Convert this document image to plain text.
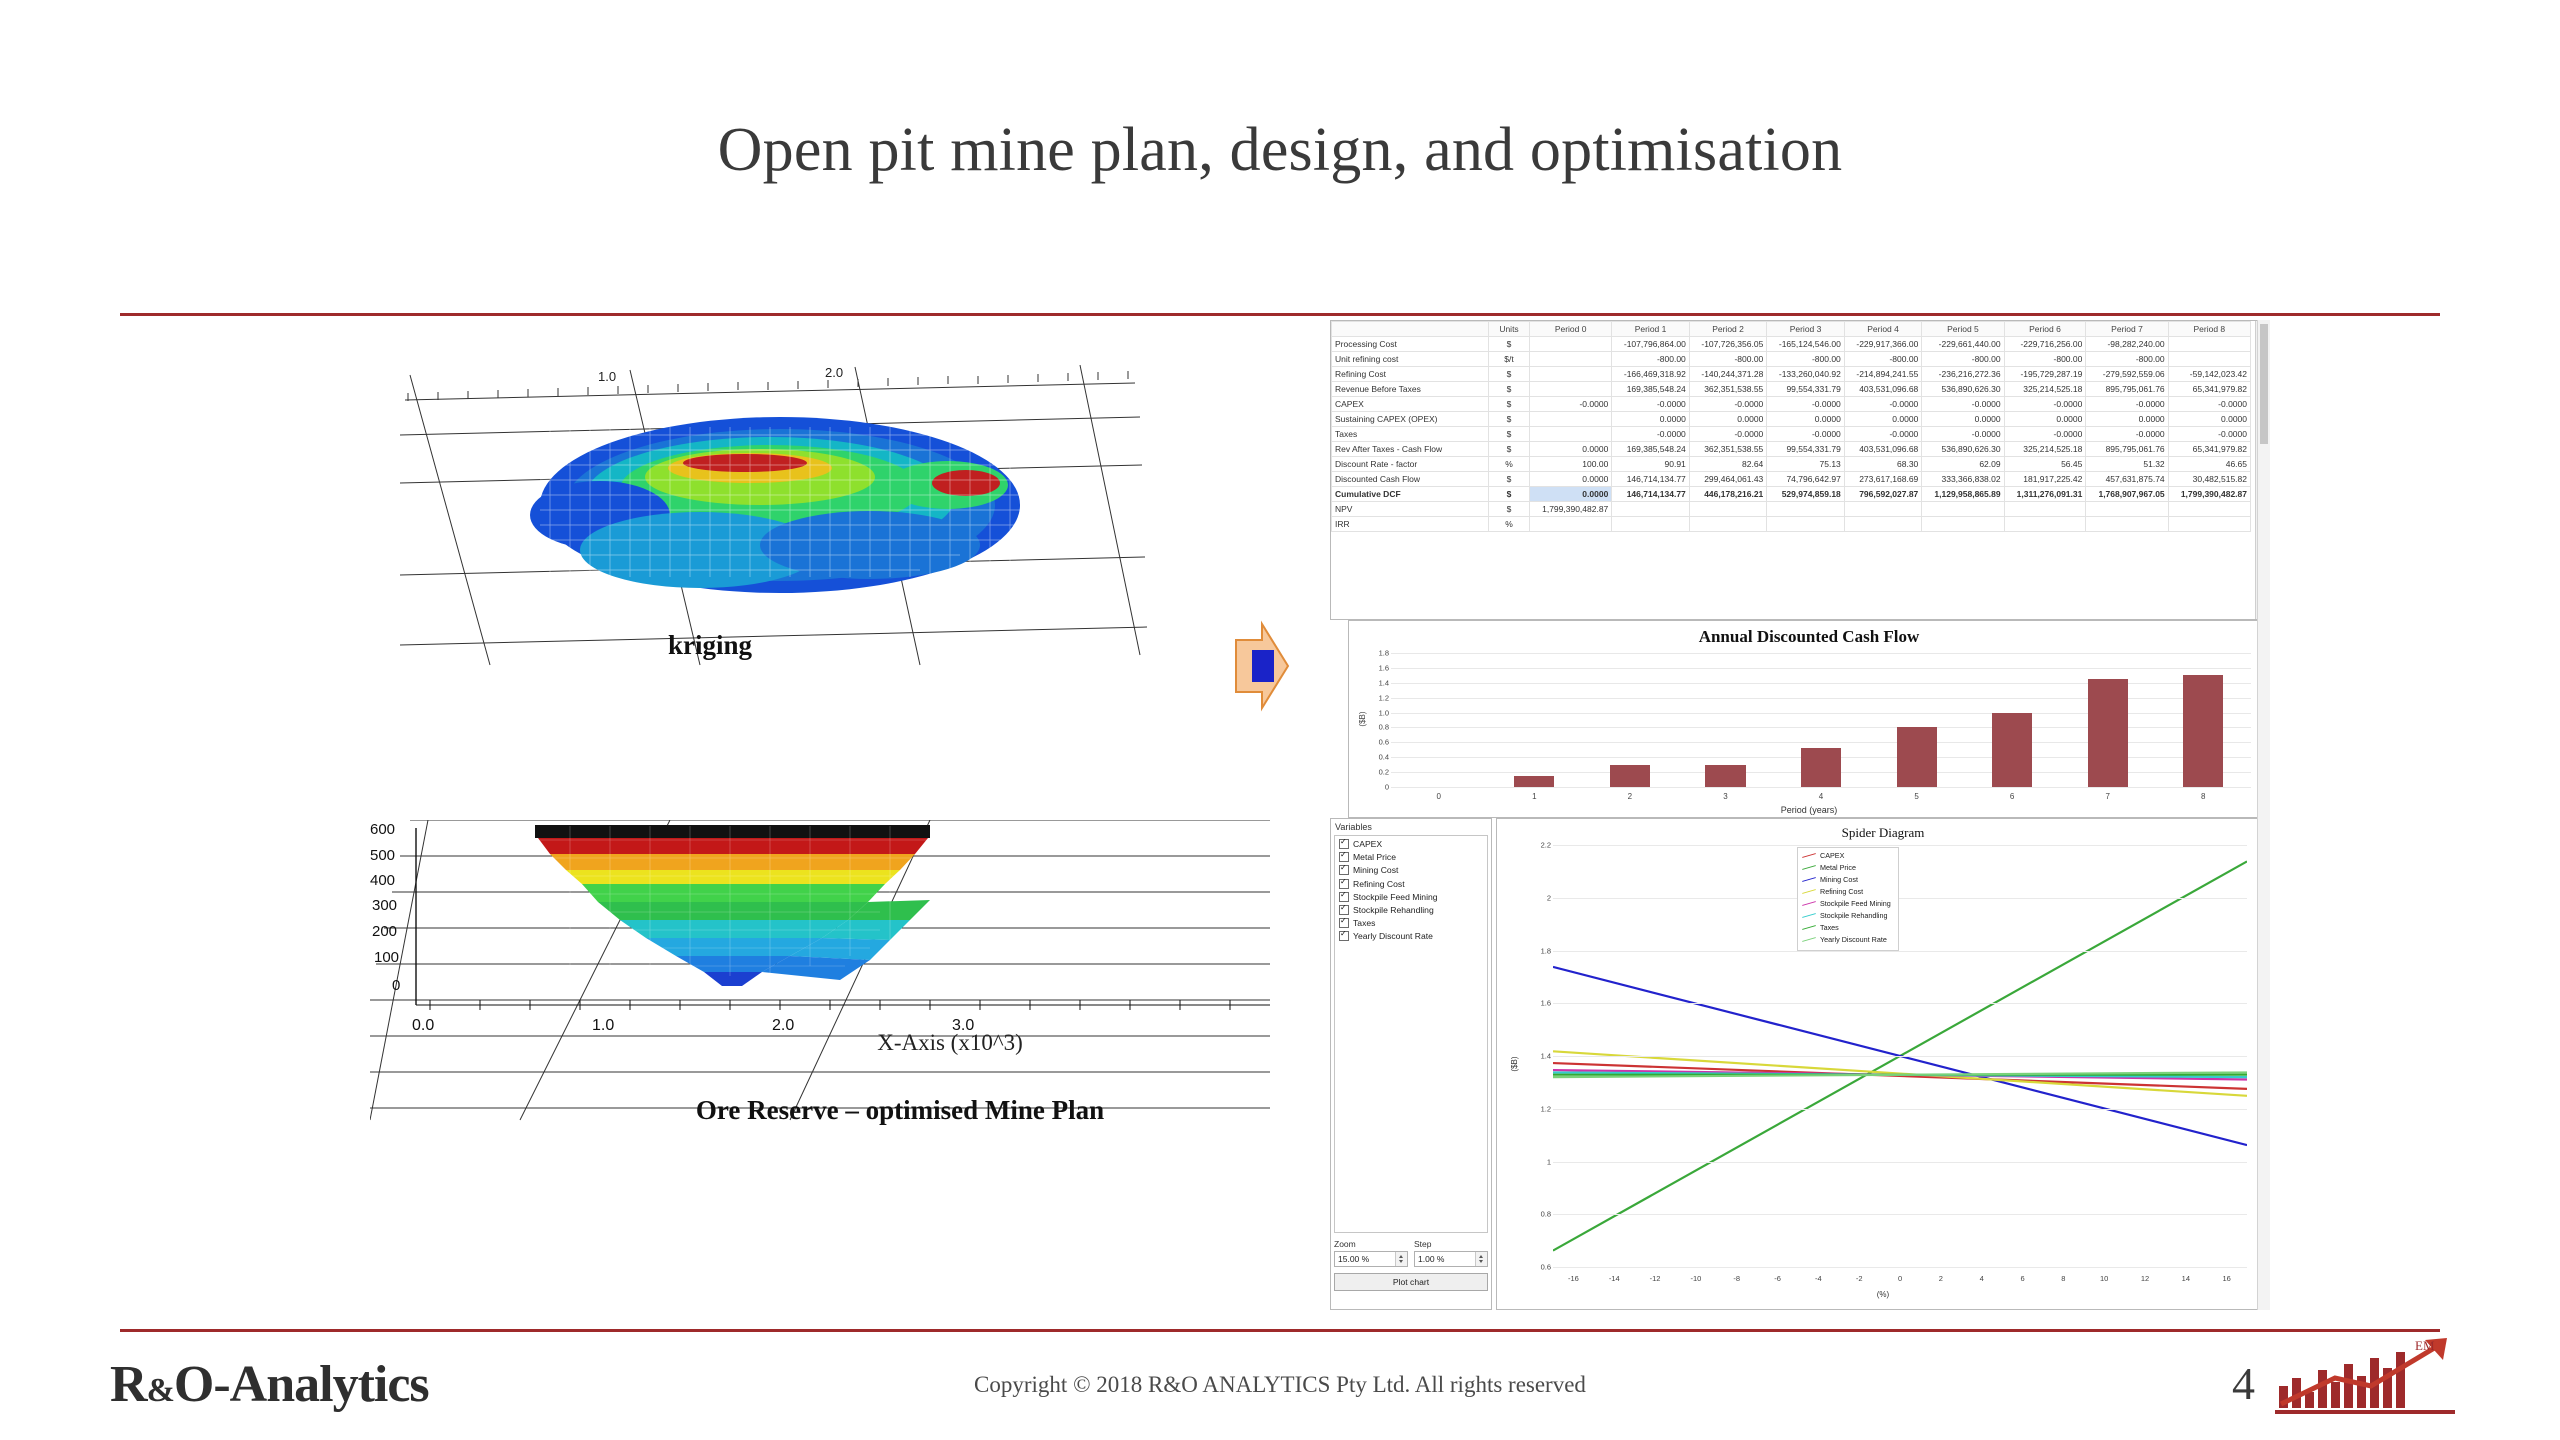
Open pit mine plan, design, and optimisation
1.0	2.0
kriging
600
500
400
300
200
100
0
0.0	1.0	2.0	3.0
X-Axis (x10^3)
Ore Reserve – optimised Mine Plan
	Units	Period 0	Period 1	Period 2	Period 3	Period 4	Period 5	Period 6	Period 7	Period 8
Processing Cost	$		-107,796,864.00	-107,726,356.05	-165,124,546.00	-229,917,366.00	-229,661,440.00	-229,716,256.00	-98,282,240.00	
Unit refining cost	$/t		-800.00	-800.00	-800.00	-800.00	-800.00	-800.00	-800.00	
Refining Cost	$		-166,469,318.92	-140,244,371.28	-133,260,040.92	-214,894,241.55	-236,216,272.36	-195,729,287.19	-279,592,559.06	-59,142,023.42
Revenue Before Taxes	$		169,385,548.24	362,351,538.55	99,554,331.79	403,531,096.68	536,890,626.30	325,214,525.18	895,795,061.76	65,341,979.82
CAPEX	$	-0.0000	-0.0000	-0.0000	-0.0000	-0.0000	-0.0000	-0.0000	-0.0000	-0.0000
Sustaining CAPEX (OPEX)	$		0.0000	0.0000	0.0000	0.0000	0.0000	0.0000	0.0000	0.0000
Taxes	$		-0.0000	-0.0000	-0.0000	-0.0000	-0.0000	-0.0000	-0.0000	-0.0000
Rev After Taxes - Cash Flow	$	0.0000	169,385,548.24	362,351,538.55	99,554,331.79	403,531,096.68	536,890,626.30	325,214,525.18	895,795,061.76	65,341,979.82
Discount Rate - factor	%	100.00	90.91	82.64	75.13	68.30	62.09	56.45	51.32	46.65
Discounted Cash Flow	$	0.0000	146,714,134.77	299,464,061.43	74,796,642.97	273,617,168.69	333,366,838.02	181,917,225.42	457,631,875.74	30,482,515.82
Cumulative DCF	$	0.0000	146,714,134.77	446,178,216.21	529,974,859.18	796,592,027.87	1,129,958,865.89	1,311,276,091.31	1,768,907,967.05	1,799,390,482.87
NPV	$	1,799,390,482.87								
IRR	%									
Annual Discounted Cash Flow
($B)
1.8
1.6
1.4
1.2
1.0
0.8
0.6
0.4
0.2
0
0	1	2	3	4	5	6	7	8
Period (years)
Variables
✓
CAPEX
✓
Metal Price
✓
Mining Cost
✓
Refining Cost
✓
Stockpile Feed Mining
✓
Stockpile Rehandling
✓
Taxes
✓
Yearly Discount Rate
Zoom
15.00 %
Step
1.00 %
Plot chart
Spider Diagram
($B)
2.2
2
1.8
1.6
1.4
1.2
1
0.8
0.6
CAPEX
Metal Price
Mining Cost
Refining Cost
Stockpile Feed Mining
Stockpile Rehandling
Taxes
Yearly Discount Rate
-16	-14	-12	-10	-8	-6	-4	-2	0	2	4	6	8	10	12	14	16
(%)
R&O-Analytics	Copyright © 2018 R&O ANALYTICS Pty Ltd. All rights reserved	4
EM
